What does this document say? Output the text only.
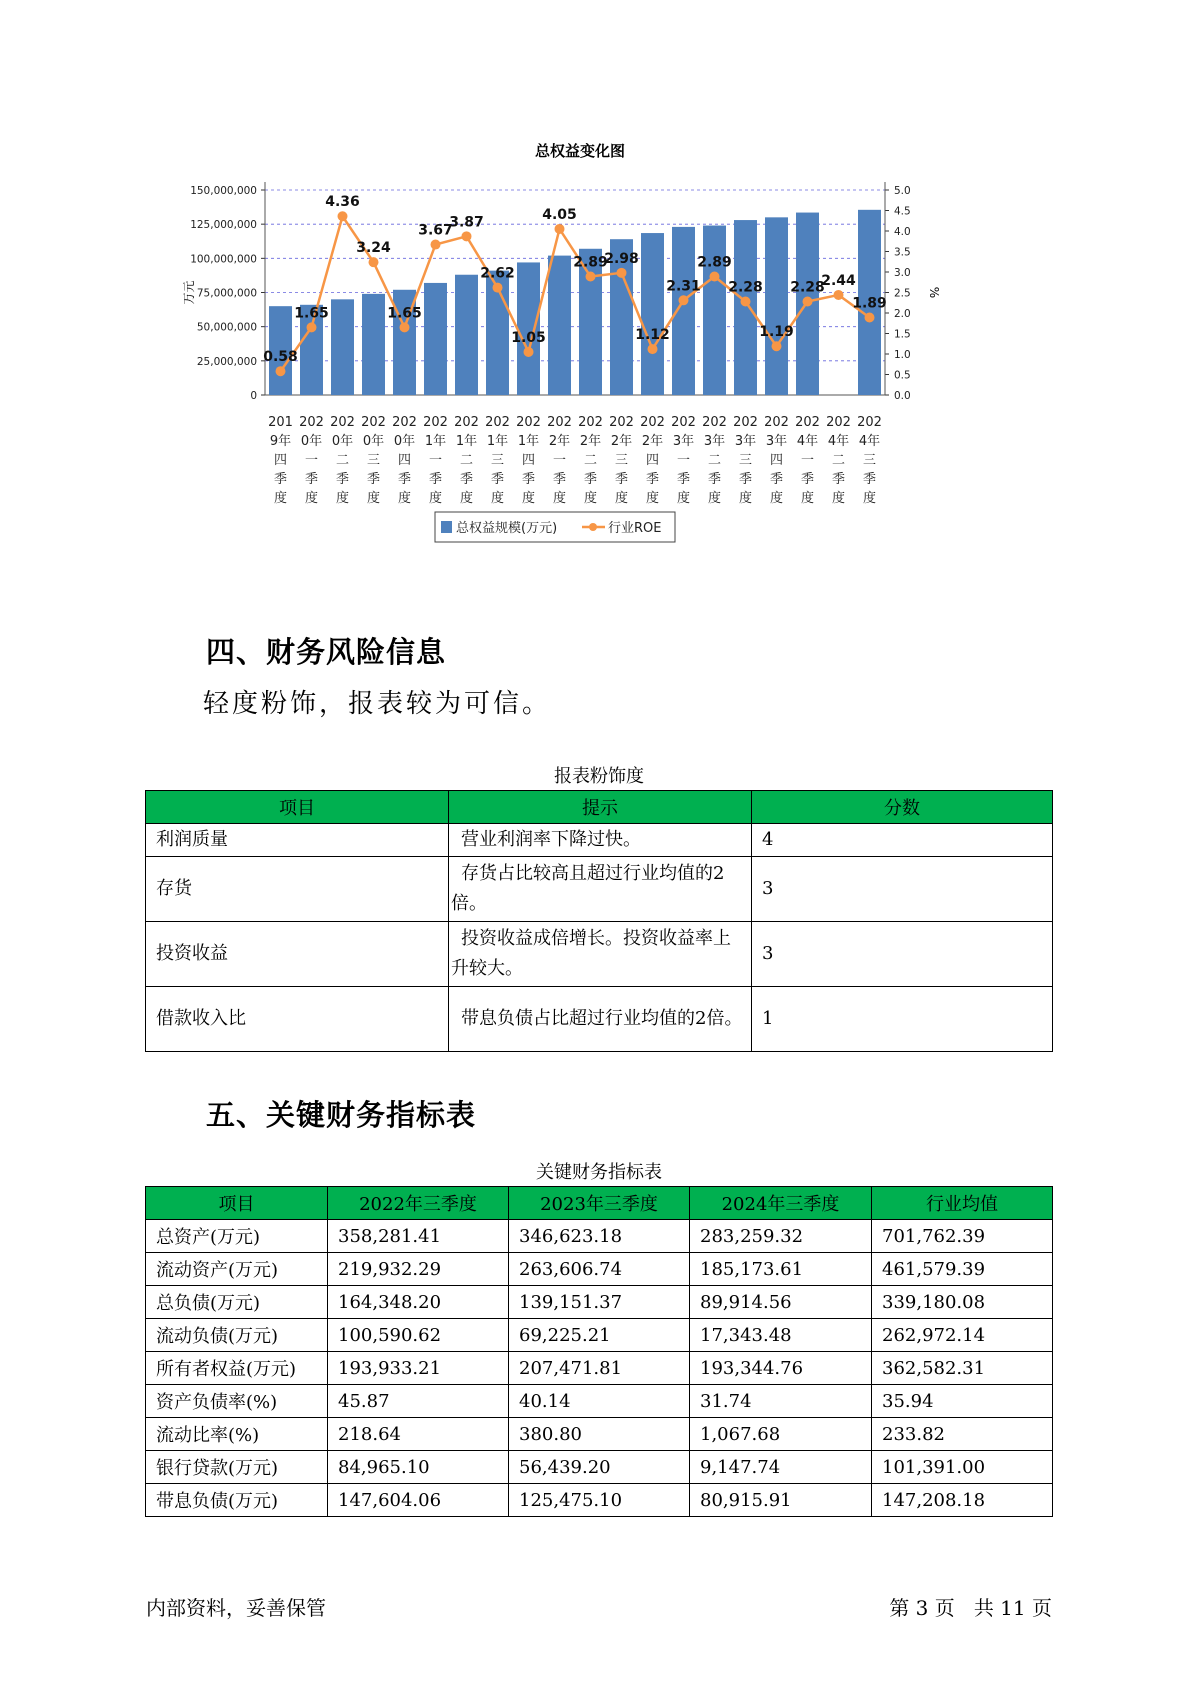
总权益变化图
0
25,000,000
50,000,000
75,000,000
100,000,000
125,000,000
150,000,000
0.0
0.5
1.0
1.5
2.0
2.5
3.0
3.5
4.0
4.5
5.0
万元	%
201
9年
四
季
度
202
0年
一
季
度
202
0年
二
季
度
202
0年
三
季
度
202
0年
四
季
度
202
1年
一
季
度
202
1年
二
季
度
202
1年
三
季
度
202
1年
四
季
度
202
2年
一
季
度
202
2年
二
季
度
202
2年
三
季
度
202
2年
四
季
度
202
3年
一
季
度
202
3年
二
季
度
202
3年
三
季
度
202
3年
四
季
度
202
4年
一
季
度
202
4年
二
季
度
202
4年
三
季
度
0.58
1.65
4.36
3.24
1.65
3.67
3.87
2.62
1.05
4.05
2.89
2.98
1.12
2.31
2.89
2.28
1.19
2.28
2.44
1.89
总权益规模(万元)	行业ROE
四、财务风险信息

轻度粉饰，报表较为可信。

报表粉饰度
项目	提示	分数
利润质量	营业利润率下降过快。	4
存货	存货占比较高且超过行业均值的2倍。	3
投资收益	投资收益成倍增长。投资收益率上升较大。	3
借款收入比	带息负债占比超过行业均值的2倍。	1
五、关键财务指标表
关键财务指标表
项目	2022年三季度	2023年三季度	2024年三季度	行业均值
总资产(万元)	358,281.41	346,623.18	283,259.32	701,762.39
流动资产(万元)	219,932.29	263,606.74	185,173.61	461,579.39
总负债(万元)	164,348.20	139,151.37	89,914.56	339,180.08
流动负债(万元)	100,590.62	69,225.21	17,343.48	262,972.14
所有者权益(万元)	193,933.21	207,471.81	193,344.76	362,582.31
资产负债率(%)	45.87	40.14	31.74	35.94
流动比率(%)	218.64	380.80	1,067.68	233.82
银行贷款(万元)	84,965.10	56,439.20	9,147.74	101,391.00
带息负债(万元)	147,604.06	125,475.10	80,915.91	147,208.18
内部资料，妥善保管	第 3 页   共 11 页
